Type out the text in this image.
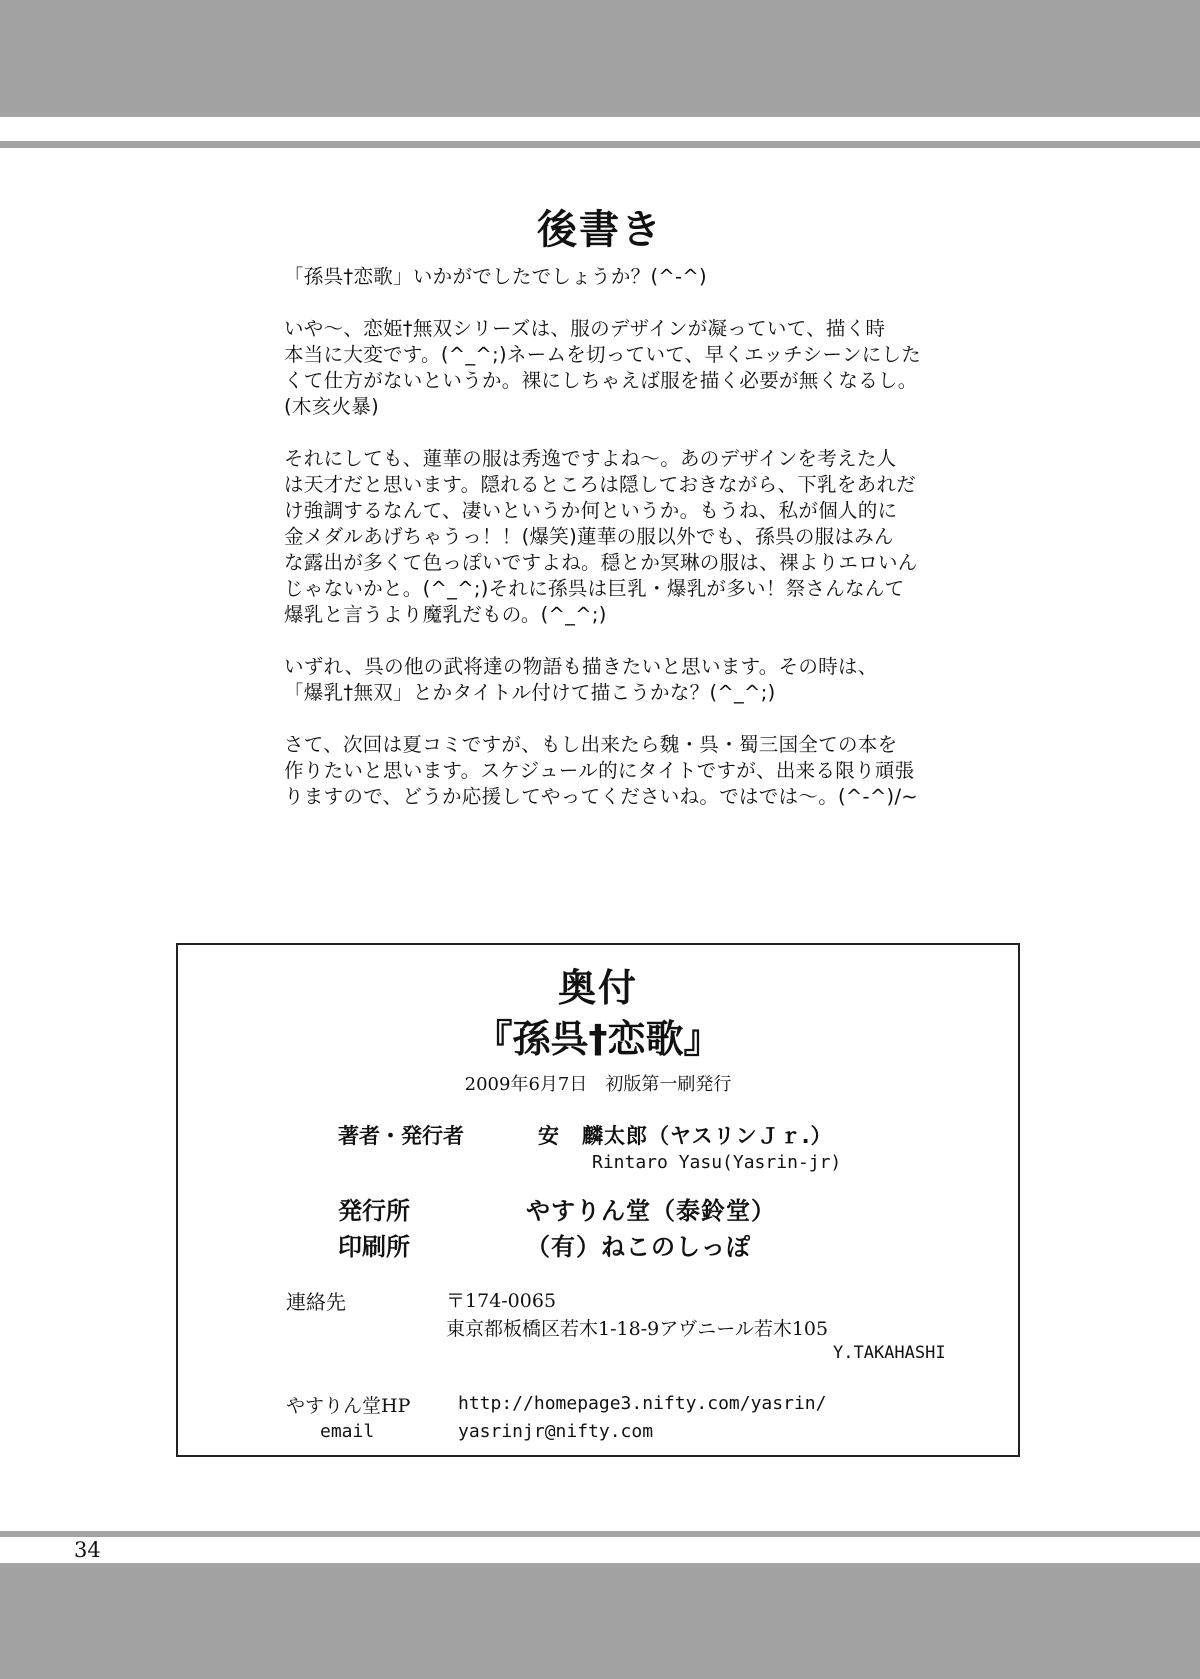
後書き

「孫呉†恋歌」いかがでしたでしょうか？(^-^)

いや～、恋姫†無双シリーズは、服のデザインが凝っていて、描く時
本当に大変です。(^_^;)ネームを切っていて、早くエッチシーンにした
くて仕方がないというか。裸にしちゃえば服を描く必要が無くなるし。
(木亥火暴)

それにしても、蓮華の服は秀逸ですよね～。あのデザインを考えた人
は天才だと思います。隠れるところは隠しておきながら、下乳をあれだ
け強調するなんて、凄いというか何というか。もうね、私が個人的に
金メダルあげちゃうっ！！(爆笑)蓮華の服以外でも、孫呉の服はみん
な露出が多くて色っぽいですよね。穏とか冥琳の服は、裸よりエロいん
じゃないかと。(^_^;)それに孫呉は巨乳・爆乳が多い！祭さんなんて
爆乳と言うより魔乳だもの。(^_^;)

いずれ、呉の他の武将達の物語も描きたいと思います。その時は、
「爆乳†無双」とかタイトル付けて描こうかな？(^_^;)

さて、次回は夏コミですが、もし出来たら魏・呉・蜀三国全ての本を
作りたいと思います。スケジュール的にタイトですが、出来る限り頑張
りますので、どうか応援してやってくださいね。ではでは～。(^-^)/~

奥付
『孫呉†恋歌』
2009年6月7日　初版第一刷発行
著者・発行者	安　麟太郎（ヤスリンＪｒ.）
Rintaro Yasu(Yasrin-jr)
発行所	やすりん堂（泰鈴堂）
印刷所	（有）ねこのしっぽ
連絡先	〒174-0065
東京都板橋区若木1-18-9アヴニール若木105
Y.TAKAHASHI
やすりん堂HP	http://homepage3.nifty.com/yasrin/
email	yasrinjr@nifty.com
34
